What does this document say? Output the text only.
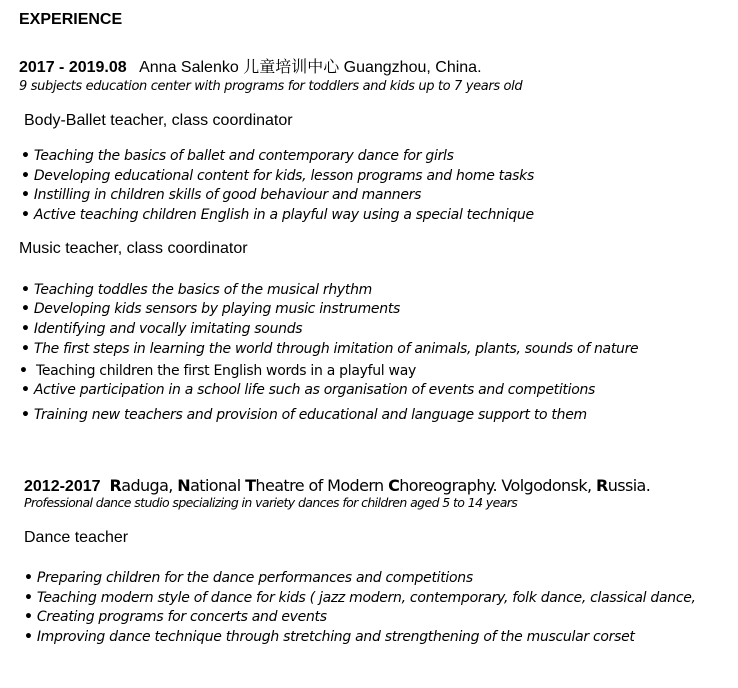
EXPERIENCE
2017 - 2019.08 Anna Salenko 儿童培训中心 Guangzhou, China.
9 subjects education center with programs for toddlers and kids up to 7 years old
Body-Ballet teacher, class coordinator
• Teaching the basics of ballet and contemporary dance for girls
• Developing educational content for kids, lesson programs and home tasks
• Instilling in children skills of good behaviour and manners
• Active teaching children English in a playful way using a special technique
Music teacher, class coordinator
• Teaching toddles the basics of the musical rhythm
• Developing kids sensors by playing music instruments
• Identifying and vocally imitating sounds
• The first steps in learning the world through imitation of animals, plants, sounds of nature
• Teaching children the first English words in a playful way
• Active participation in a school life such as organisation of events and competitions
• Training new teachers and provision of educational and language support to them
2012-2017 Raduga, National Theatre of Modern Choreography. Volgodonsk, Russia.
Professional dance studio specializing in variety dances for children aged 5 to 14 years
Dance teacher
• Preparing children for the dance performances and competitions
• Teaching modern style of dance for kids ( jazz modern, contemporary, folk dance, classical dance,
• Creating programs for concerts and events
• Improving dance technique through stretching and strengthening of the muscular corset
